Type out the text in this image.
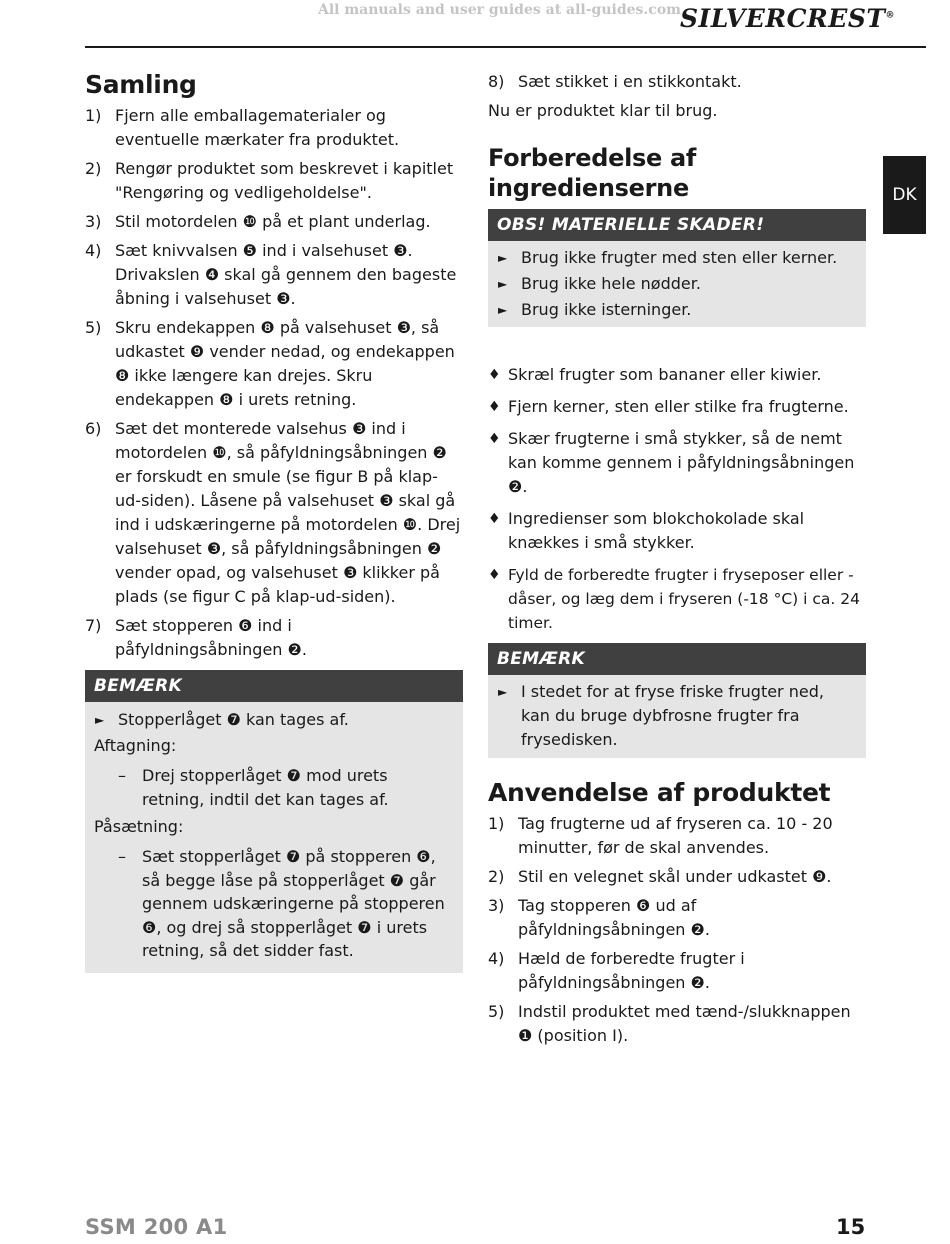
All manuals and user guides at all-guides.com SILVERCREST®
DK
Samling
1) Fjern alle emballagematerialer og eventuelle mærkater fra produktet.
2) Rengør produktet som beskrevet i kapitlet "Rengøring og vedligeholdelse".
3) Stil motordelen ❿ på et plant underlag.
4) Sæt knivvalsen ❺ ind i valsehuset ❸. Drivakslen ❹ skal gå gennem den bageste åbning i valsehuset ❸.
5) Skru endekappen ❽ på valsehuset ❸, så udkastet ❾ vender nedad, og endekappen ❽ ikke længere kan drejes. Skru endekappen ❽ i urets retning.
6) Sæt det monterede valsehus ❸ ind i motordelen ❿, så påfyldningsåbningen ❷ er forskudt en smule (se figur B på klap-ud-siden). Låsene på valsehuset ❸ skal gå ind i udskæringerne på motordelen ❿. Drej valsehuset ❸, så påfyldningsåbningen ❷ vender opad, og valsehuset ❸ klikker på plads (se figur C på klap-ud-siden).
7) Sæt stopperen ❻ ind i påfyldningsåbningen ❷.
BEMÆRK
► Stopperlåget ❼ kan tages af.
Aftagning:
–	Drej stopperlåget ❼ mod urets retning, indtil det kan tages af.
Påsætning:
–	Sæt stopperlåget ❼ på stopperen ❻, så begge låse på stopperlåget ❼ går gennem udskæringerne på stopperen ❻, og drej så stopperlåget ❼ i urets retning, så det sidder fast.
8) Sæt stikket i en stikkontakt.
Nu er produktet klar til brug.
Forberedelse af ingredienserne
OBS! MATERIELLE SKADER!
► Brug ikke frugter med sten eller kerner.
► Brug ikke hele nødder.
► Brug ikke isterninger.
♦ Skræl frugter som bananer eller kiwier.
♦ Fjern kerner, sten eller stilke fra frugterne.
♦ Skær frugterne i små stykker, så de nemt kan komme gennem i påfyldningsåbningen ❷.
♦ Ingredienser som blokchokolade skal knækkes i små stykker.
♦ Fyld de forberedte frugter i fryseposer eller -dåser, og læg dem i fryseren (-18 °C) i ca. 24 timer.
BEMÆRK
► I stedet for at fryse friske frugter ned, kan du bruge dybfrosne frugter fra frysedisken.
Anvendelse af produktet
1) Tag frugterne ud af fryseren ca. 10 - 20 minutter, før de skal anvendes.
2) Stil en velegnet skål under udkastet ❾.
3) Tag stopperen ❻ ud af påfyldningsåbningen ❷.
4) Hæld de forberedte frugter i påfyldningsåbningen ❷.
5) Indstil produktet med tænd-/slukknappen ❶ (position I).
SSM 200 A1	15
